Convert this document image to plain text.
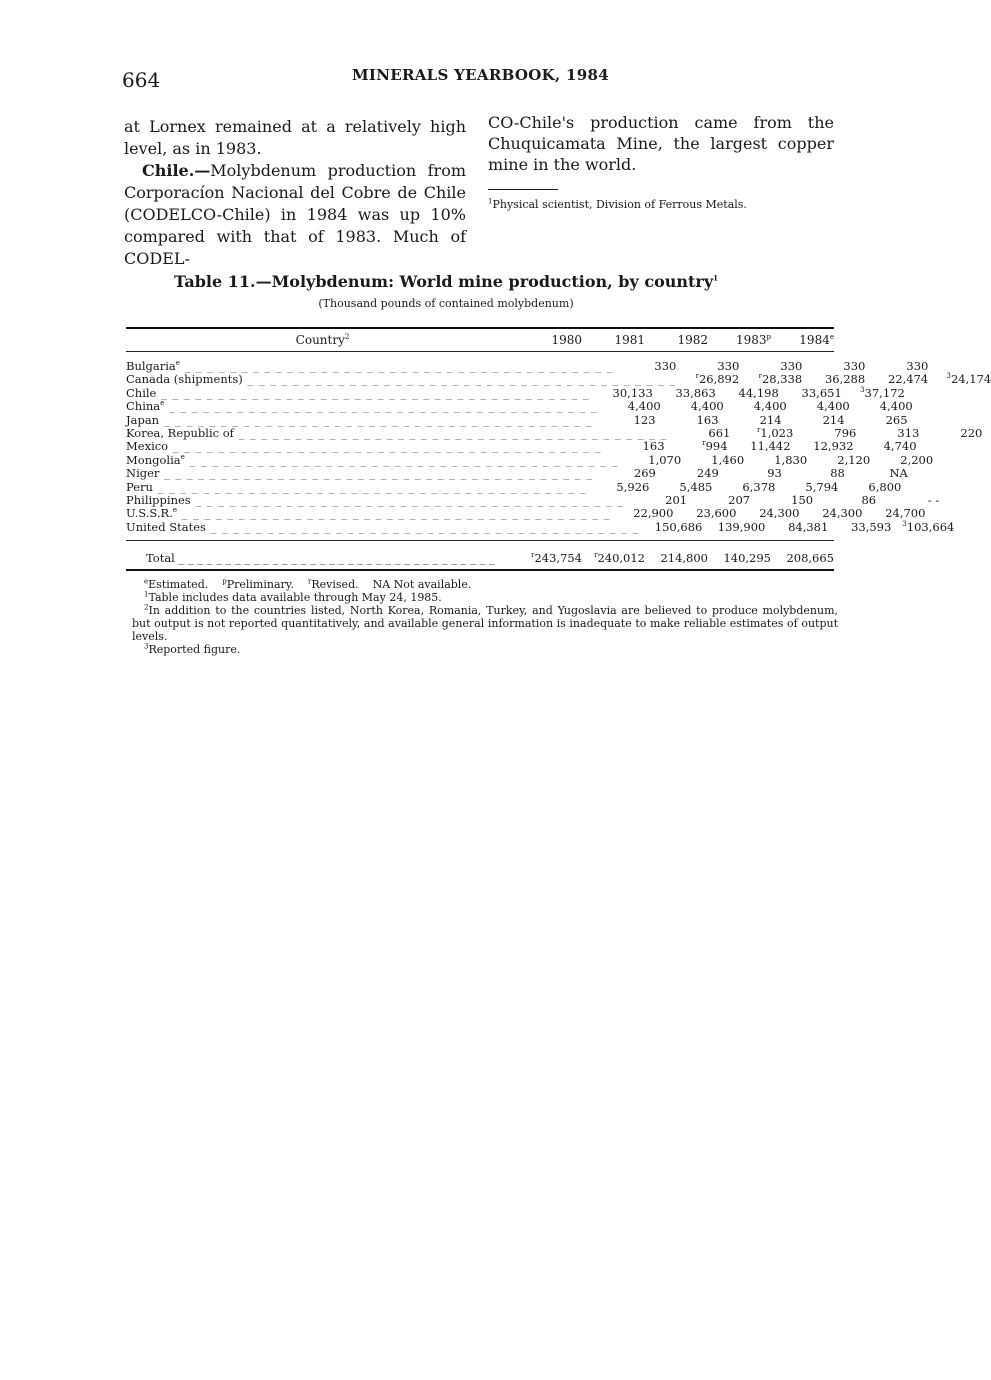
664	MINERALS YEARBOOK, 1984

at Lornex remained at a relatively high level, as in 1983.

Chile.—Molybdenum production from Corporacíon Nacional del Cobre de Chile (CODELCO-Chile) in 1984 was up 10% compared with that of 1983. Much of CODEL-

CO-Chile's production came from the Chuquicamata Mine, the largest copper mine in the world.

$^1$Physical scientist, Division of Ferrous Metals.

Table 11.—Molybdenum: World mine production, by country$^1$
(Thousand pounds of contained molybdenum)
Country$^2$	1980	1981	1982	1983$^p$	1984e
Bulgaria$^e$ _ _ _ _ _ _ _ _ _ _ _ _ _ _ _ _ _ _ _ _ _ _ _ _ _ _ _ _ _ _ _ _ _ _ _ _ _ _	330	330	330	330	330
Canada (shipments) _ _ _ _ _ _ _ _ _ _ _ _ _ _ _ _ _ _ _ _ _ _ _ _ _ _ _ _ _ _ _ _ _ _ _ _ _ _	$^r$26,892	$^r$28,338	36,288	22,474	$^3$24,174
Chile _ _ _ _ _ _ _ _ _ _ _ _ _ _ _ _ _ _ _ _ _ _ _ _ _ _ _ _ _ _ _ _ _ _ _ _ _ _	30,133	33,863	44,198	33,651	$^3$37,172
China$^e$ _ _ _ _ _ _ _ _ _ _ _ _ _ _ _ _ _ _ _ _ _ _ _ _ _ _ _ _ _ _ _ _ _ _ _ _ _ _	4,400	4,400	4,400	4,400	4,400
Japan _ _ _ _ _ _ _ _ _ _ _ _ _ _ _ _ _ _ _ _ _ _ _ _ _ _ _ _ _ _ _ _ _ _ _ _ _ _	123	163	214	214	265
Korea, Republic of _ _ _ _ _ _ _ _ _ _ _ _ _ _ _ _ _ _ _ _ _ _ _ _ _ _ _ _ _ _ _ _ _ _ _ _ _ _	661	$^r$1,023	796	313	220
Mexico _ _ _ _ _ _ _ _ _ _ _ _ _ _ _ _ _ _ _ _ _ _ _ _ _ _ _ _ _ _ _ _ _ _ _ _ _ _	163	$^r$994	11,442	12,932	4,740
Mongolia$^e$ _ _ _ _ _ _ _ _ _ _ _ _ _ _ _ _ _ _ _ _ _ _ _ _ _ _ _ _ _ _ _ _ _ _ _ _ _ _	1,070	1,460	1,830	2,120	2,200
Niger _ _ _ _ _ _ _ _ _ _ _ _ _ _ _ _ _ _ _ _ _ _ _ _ _ _ _ _ _ _ _ _ _ _ _ _ _ _	269	249	93	88	NA
Peru _ _ _ _ _ _ _ _ _ _ _ _ _ _ _ _ _ _ _ _ _ _ _ _ _ _ _ _ _ _ _ _ _ _ _ _ _ _	5,926	5,485	6,378	5,794	6,800
Philippines _ _ _ _ _ _ _ _ _ _ _ _ _ _ _ _ _ _ _ _ _ _ _ _ _ _ _ _ _ _ _ _ _ _ _ _ _ _	201	207	150	86	- -
U.S.S.R.$^e$ _ _ _ _ _ _ _ _ _ _ _ _ _ _ _ _ _ _ _ _ _ _ _ _ _ _ _ _ _ _ _ _ _ _ _ _ _ _	22,900	23,600	24,300	24,300	24,700
United States _ _ _ _ _ _ _ _ _ _ _ _ _ _ _ _ _ _ _ _ _ _ _ _ _ _ _ _ _ _ _ _ _ _ _ _ _ _	150,686	139,900	84,381	33,593	$^3$103,664
Total _ _ _ _ _ _ _ _ _ _ _ _ _ _ _ _ _ _ _ _ _ _ _ _ _ _ _ _ _ _ _ _ _ _	$^r$243,754	$^r$240,012	214,800	140,295	208,665

$^e$Estimated. $^p$Preliminary. $^r$Revised. NA Not available.

$^1$Table includes data available through May 24, 1985.

$^2$In addition to the countries listed, North Korea, Romania, Turkey, and Yugoslavia are believed to produce molybdenum, but output is not reported quantitatively, and available general information is inadequate to make reliable estimates of output levels.

$^3$Reported figure.
